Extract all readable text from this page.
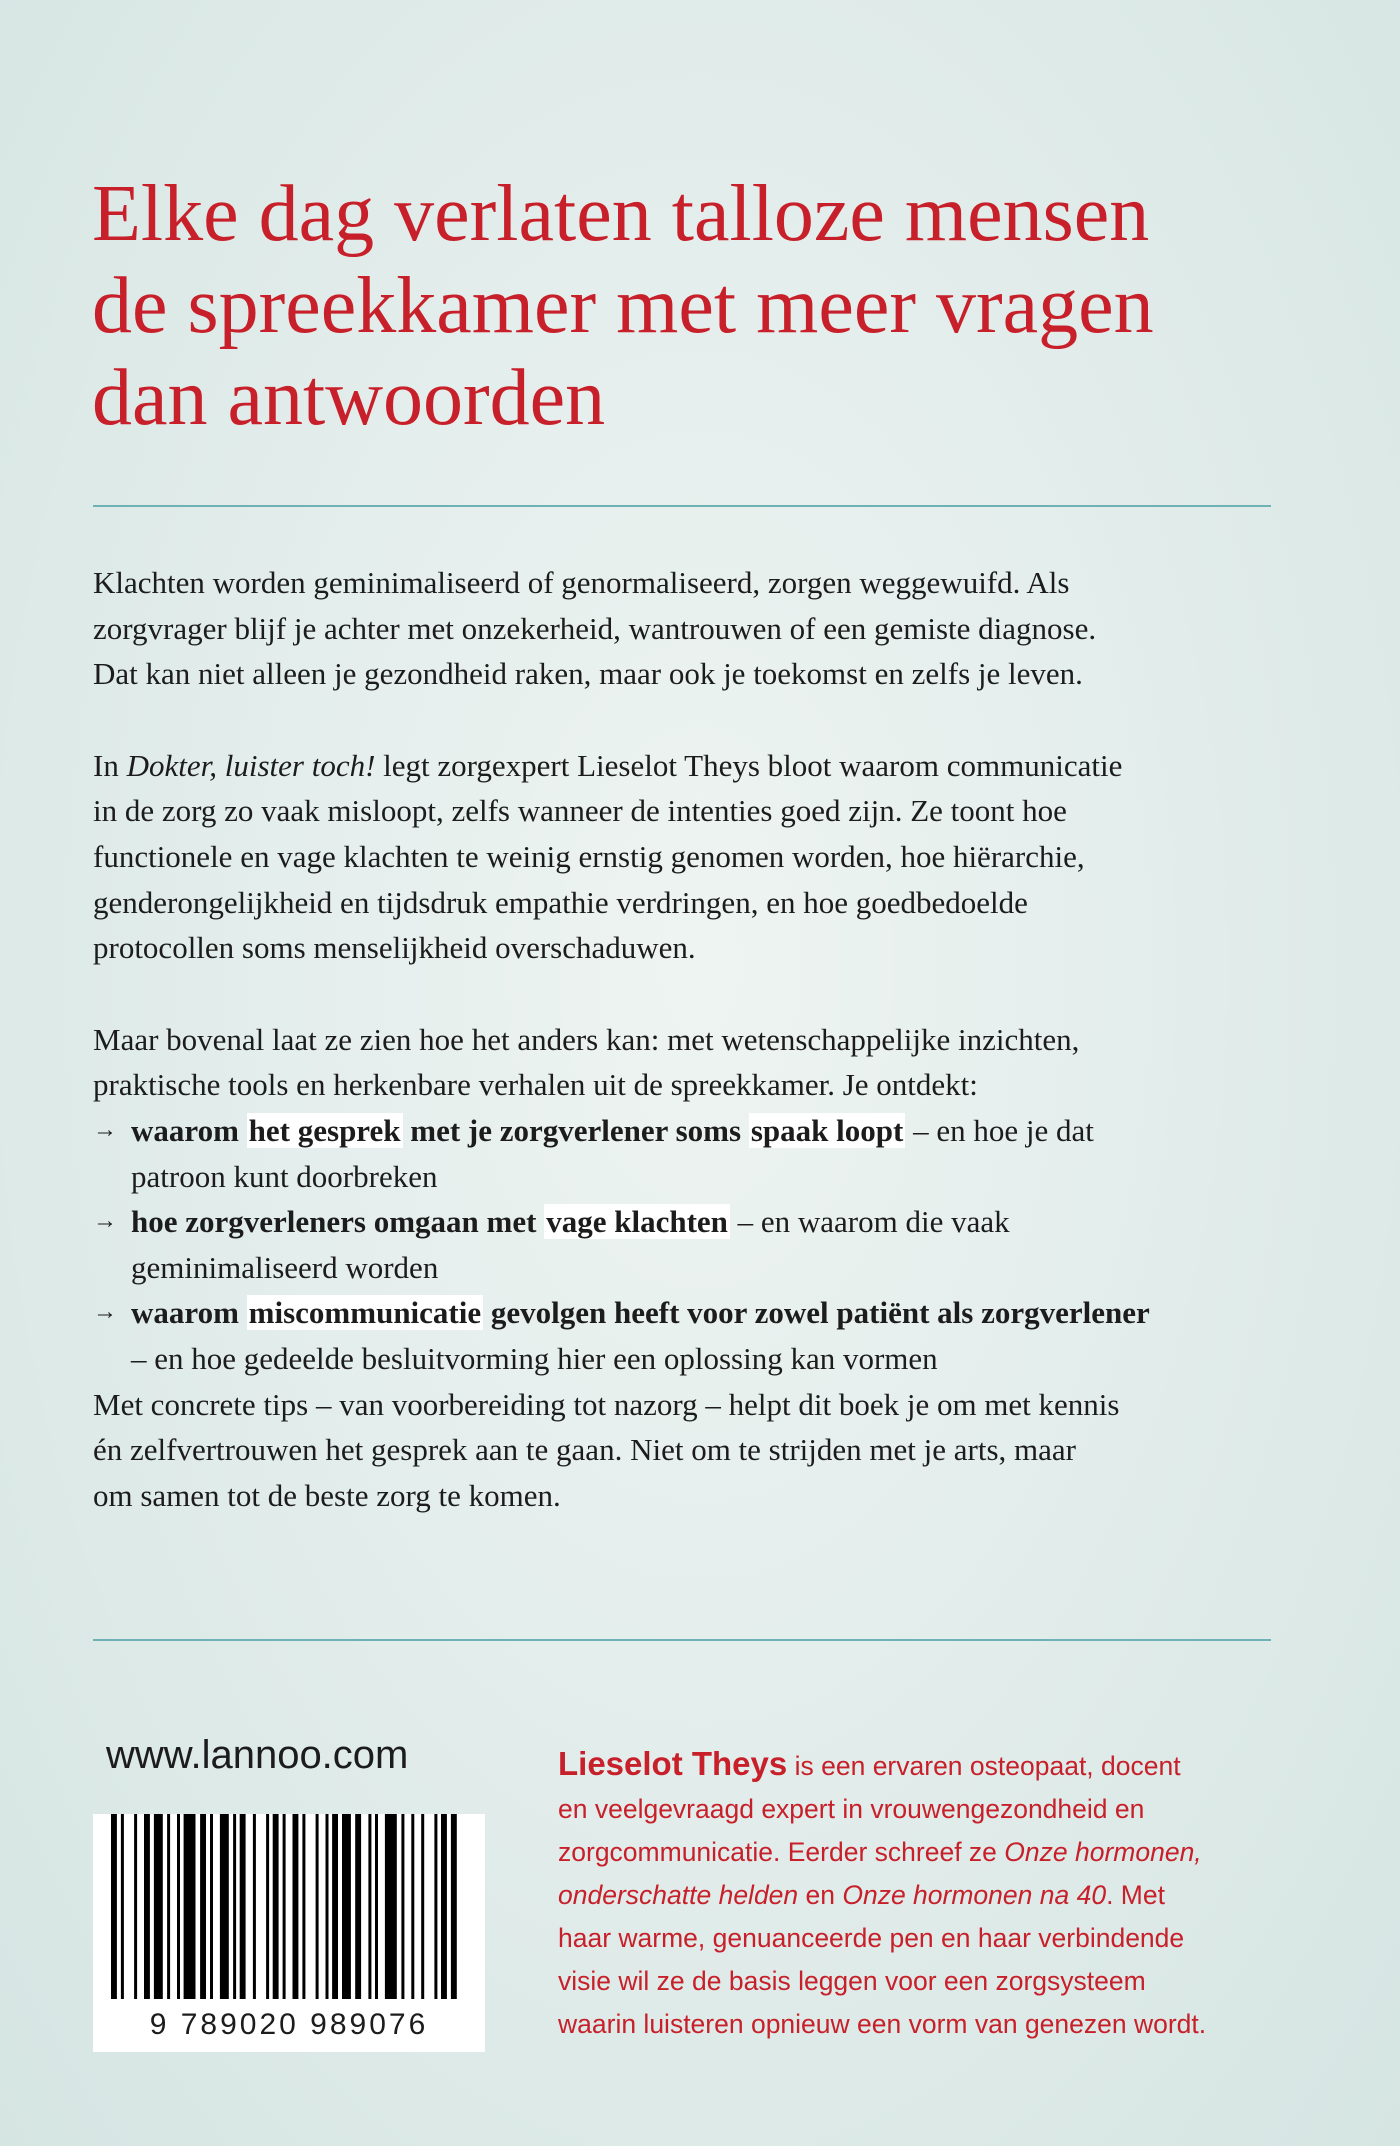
Elke dag verlaten talloze mensen
de spreekkamer met meer vragen
dan antwoorden

Klachten worden geminimaliseerd of genormaliseerd, zorgen weggewuifd. Als
zorgvrager blijf je achter met onzekerheid, wantrouwen of een gemiste diagnose.
Dat kan niet alleen je gezondheid raken, maar ook je toekomst en zelfs je leven.

In Dokter, luister toch! legt zorgexpert Lieselot Theys bloot waarom communicatie
in de zorg zo vaak misloopt, zelfs wanneer de intenties goed zijn. Ze toont hoe
functionele en vage klachten te weinig ernstig genomen worden, hoe hiërarchie,
genderongelijkheid en tijdsdruk empathie verdringen, en hoe goedbedoelde
protocollen soms menselijkheid overschaduwen.

Maar bovenal laat ze zien hoe het anders kan: met wetenschappelijke inzichten,
praktische tools en herkenbare verhalen uit de spreekkamer. Je ontdekt:
→ waarom het gesprek met je zorgverlener soms spaak loopt – en hoe je dat
patroon kunt doorbreken
→ hoe zorgverleners omgaan met vage klachten – en waarom die vaak
geminimaliseerd worden
→ waarom miscommunicatie gevolgen heeft voor zowel patiënt als zorgverlener
– en hoe gedeelde besluitvorming hier een oplossing kan vormen

Met concrete tips – van voorbereiding tot nazorg – helpt dit boek je om met kennis
én zelfvertrouwen het gesprek aan te gaan. Niet om te strijden met je arts, maar
om samen tot de beste zorg te komen.

www.lannoo.com

9 789020 989076
Lieselot Theys is een ervaren osteopaat, docent
en veelgevraagd expert in vrouwengezondheid en
zorgcommunicatie. Eerder schreef ze Onze hormonen,
onderschatte helden en Onze hormonen na 40. Met
haar warme, genuanceerde pen en haar verbindende
visie wil ze de basis leggen voor een zorgsysteem
waarin luisteren opnieuw een vorm van genezen wordt.
